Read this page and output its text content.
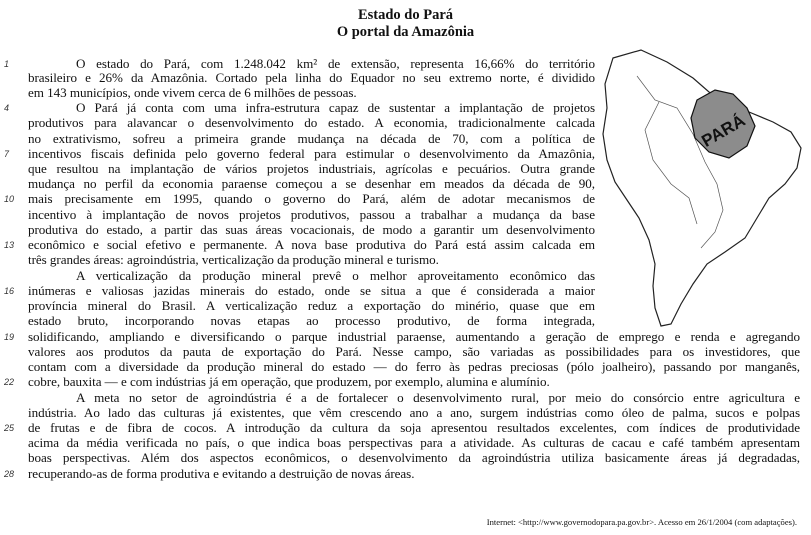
Estado do Pará
O portal da Amazônia
O estado do Pará, com 1.248.042 km² de extensão, representa 16,66% do território
brasileiro e 26% da Amazônia. Cortado pela linha do Equador no seu extremo norte, é dividido
em 143 municípios, onde vivem cerca de 6 milhões de pessoas.
O Pará já conta com uma infra-estrutura capaz de sustentar a implantação de projetos
produtivos para alavancar o desenvolvimento do estado. A economia, tradicionalmente calcada
no extrativismo, sofreu a primeira grande mudança na década de 70, com a política de
incentivos fiscais definida pelo governo federal para estimular o desenvolvimento da Amazônia,
que resultou na implantação de vários projetos industriais, agrícolas e pecuários. Outra grande
mudança no perfil da economia paraense começou a se desenhar em meados da década de 90,
mais precisamente em 1995, quando o governo do Pará, além de adotar mecanismos de
incentivo à implantação de novos projetos produtivos, passou a trabalhar a mudança da base
produtiva do estado, a partir das suas áreas vocacionais, de modo a garantir um desenvolvimento
econômico e social efetivo e permanente. A nova base produtiva do Pará está assim calcada em
três grandes áreas: agroindústria, verticalização da produção mineral e turismo.
A verticalização da produção mineral prevê o melhor aproveitamento econômico das
inúmeras e valiosas jazidas minerais do estado, onde se situa a que é considerada a maior
província mineral do Brasil. A verticalização reduz a exportação do minério, quase que em
estado bruto, incorporando novas etapas ao processo produtivo, de forma integrada,
solidificando, ampliando e diversificando o parque industrial paraense, aumentando a geração de emprego e renda e agregando
valores aos produtos da pauta de exportação do Pará. Nesse campo, são variadas as possibilidades para os investidores, que
contam com a diversidade da produção mineral do estado — do ferro às pedras preciosas (pólo joalheiro), passando por manganês,
cobre, bauxita — e com indústrias já em operação, que produzem, por exemplo, alumina e alumínio.
A meta no setor de agroindústria é a de fortalecer o desenvolvimento rural, por meio do consórcio entre agricultura e
indústria. Ao lado das culturas já existentes, que vêm crescendo ano a ano, surgem indústrias como óleo de palma, sucos e polpas
de frutas e de fibra de cocos. A introdução da cultura da soja apresentou resultados excelentes, com índices de produtividade
acima da média verificada no país, o que indica boas perspectivas para a atividade. As culturas de cacau e café também apresentam
boas perspectivas. Além dos aspectos econômicos, o desenvolvimento da agroindústria utiliza basicamente áreas já degradadas,
recuperando-as de forma produtiva e evitando a destruição de novas áreas.
1
4
7
10
13
16
19
22
25
28
PARÁ
Internet: <http://www.governodopara.pa.gov.br>. Acesso em 26/1/2004 (com adaptações).
